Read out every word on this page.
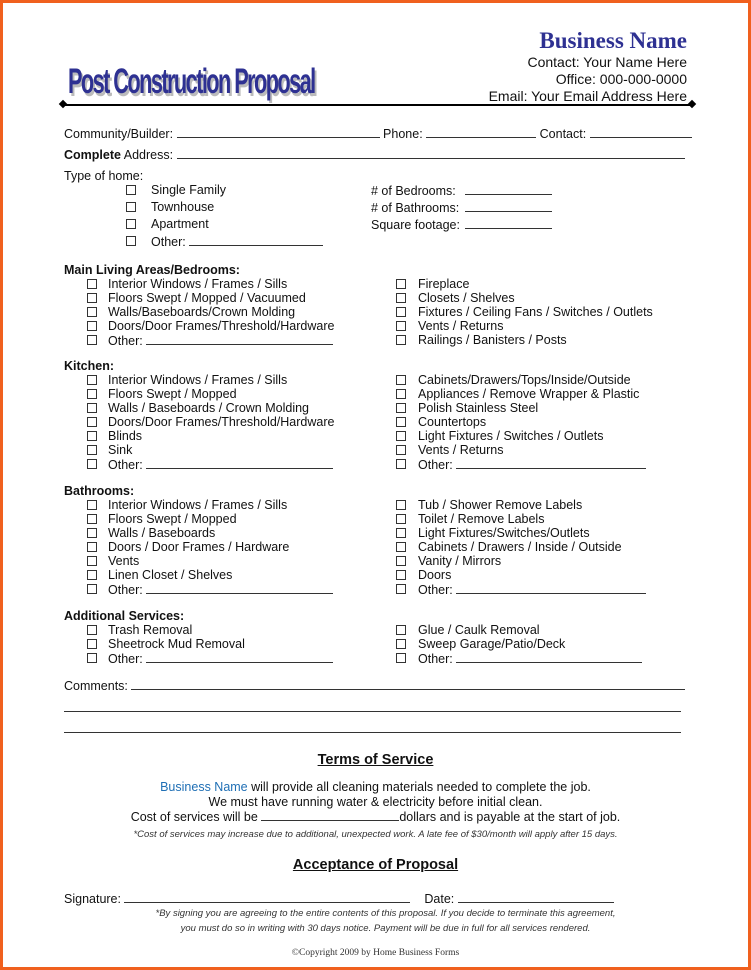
Post Construction Proposal
Business Name
Contact: Your Name Here
Office: 000-000-0000
Email: Your Email Address Here
Community/Builder:	Phone:	Contact:
Complete Address:
Type of home:
Single Family
Townhouse
Apartment
Other:
# of Bedrooms:
# of Bathrooms:
Square footage:
Main Living Areas/Bedrooms:
Interior Windows / Frames / Sills
Floors Swept / Mopped / Vacuumed
Walls/Baseboards/Crown Molding
Doors/Door Frames/Threshold/Hardware
Other:
Fireplace
Closets / Shelves
Fixtures / Ceiling Fans / Switches / Outlets
Vents / Returns
Railings / Banisters / Posts
Kitchen:
Interior Windows / Frames / Sills
Floors Swept / Mopped
Walls / Baseboards / Crown Molding
Doors/Door Frames/Threshold/Hardware
Blinds
Sink
Other:
Cabinets/Drawers/Tops/Inside/Outside
Appliances / Remove Wrapper & Plastic
Polish Stainless Steel
Countertops
Light Fixtures / Switches / Outlets
Vents / Returns
Other:
Bathrooms:
Interior Windows / Frames / Sills
Floors Swept / Mopped
Walls / Baseboards
Doors / Door Frames / Hardware
Vents
Linen Closet / Shelves
Other:
Tub / Shower Remove Labels
Toilet / Remove Labels
Light Fixtures/Switches/Outlets
Cabinets / Drawers / Inside / Outside
Vanity / Mirrors
Doors
Other:
Additional Services:
Trash Removal
Sheetrock Mud Removal
Other:
Glue / Caulk Removal
Sweep Garage/Patio/Deck
Other:
Comments:
Terms of Service
Business Name will provide all cleaning materials needed to complete the job.
We must have running water & electricity before initial clean.
Cost of services will be	dollars and is payable at the start of job.
*Cost of services may increase due to additional, unexpected work. A late fee of $30/month will apply after 15 days.
Acceptance of Proposal
Signature:	Date:
*By signing you are agreeing to the entire contents of this proposal. If you decide to terminate this agreement,
you must do so in writing with 30 days notice. Payment will be due in full for all services rendered.
©Copyright 2009 by Home Business Forms
